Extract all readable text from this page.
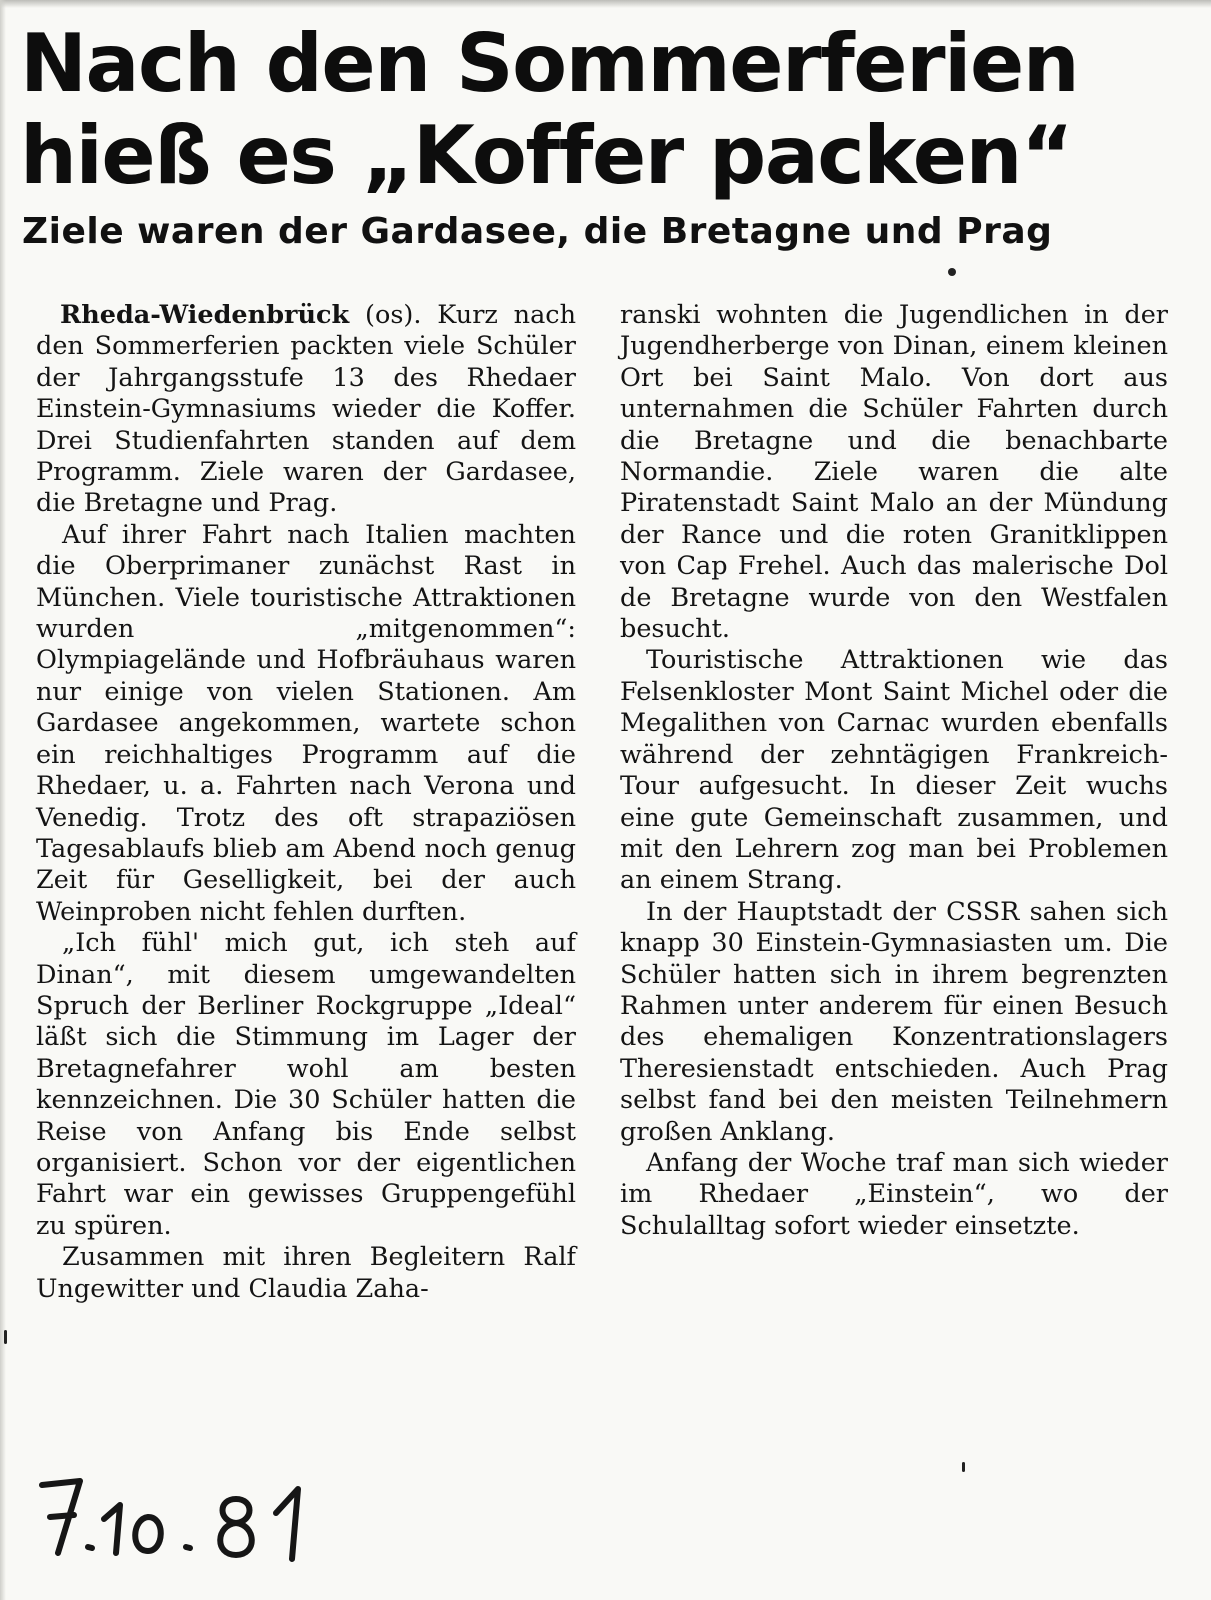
Nach den Sommerferien
hieß es „Koffer packen“
Ziele waren der Gardasee, die Bretagne und Prag

Rheda-Wiedenbrück (os). Kurz nach den Sommerferien packten viele Schüler der Jahrgangsstufe 13 des Rhedaer Einstein-Gymnasiums wieder die Koffer. Drei Studienfahrten standen auf dem Programm. Ziele waren der Gardasee, die Bretagne und Prag.

Auf ihrer Fahrt nach Italien machten die Oberprimaner zunächst Rast in München. Viele touristische Attraktionen wurden „mitgenommen“: Olympiagelände und Hofbräuhaus waren nur einige von vielen Stationen. Am Gardasee angekommen, wartete schon ein reichhaltiges Programm auf die Rhedaer, u. a. Fahrten nach Verona und Venedig. Trotz des oft strapaziösen Tagesablaufs blieb am Abend noch genug Zeit für Geselligkeit, bei der auch Weinproben nicht fehlen durften.

„Ich fühl' mich gut, ich steh auf Dinan“, mit diesem umgewandelten Spruch der Berliner Rockgruppe „Ideal“ läßt sich die Stimmung im Lager der Bretagnefahrer wohl am besten kennzeichnen. Die 30 Schüler hatten die Reise von Anfang bis Ende selbst organisiert. Schon vor der eigentlichen Fahrt war ein gewisses Gruppengefühl zu spüren.

Zusammen mit ihren Begleitern Ralf Ungewitter und Claudia Zaha-

ranski wohnten die Jugendlichen in der Jugendherberge von Dinan, einem kleinen Ort bei Saint Malo. Von dort aus unternahmen die Schüler Fahrten durch die Bretagne und die benachbarte Normandie. Ziele waren die alte Piratenstadt Saint Malo an der Mündung der Rance und die roten Granitklippen von Cap Frehel. Auch das malerische Dol de Bretagne wurde von den Westfalen besucht.

Touristische Attraktionen wie das Felsenkloster Mont Saint Michel oder die Megalithen von Carnac wurden ebenfalls während der zehntägigen Frankreich-Tour aufgesucht. In dieser Zeit wuchs eine gute Gemeinschaft zusammen, und mit den Lehrern zog man bei Problemen an einem Strang.

In der Hauptstadt der CSSR sahen sich knapp 30 Einstein-Gymnasiasten um. Die Schüler hatten sich in ihrem begrenzten Rahmen unter anderem für einen Besuch des ehemaligen Konzentrationslagers Theresienstadt entschieden. Auch Prag selbst fand bei den meisten Teilnehmern großen Anklang.

Anfang der Woche traf man sich wieder im Rhedaer „Einstein“, wo der Schulalltag sofort wieder einsetzte.
